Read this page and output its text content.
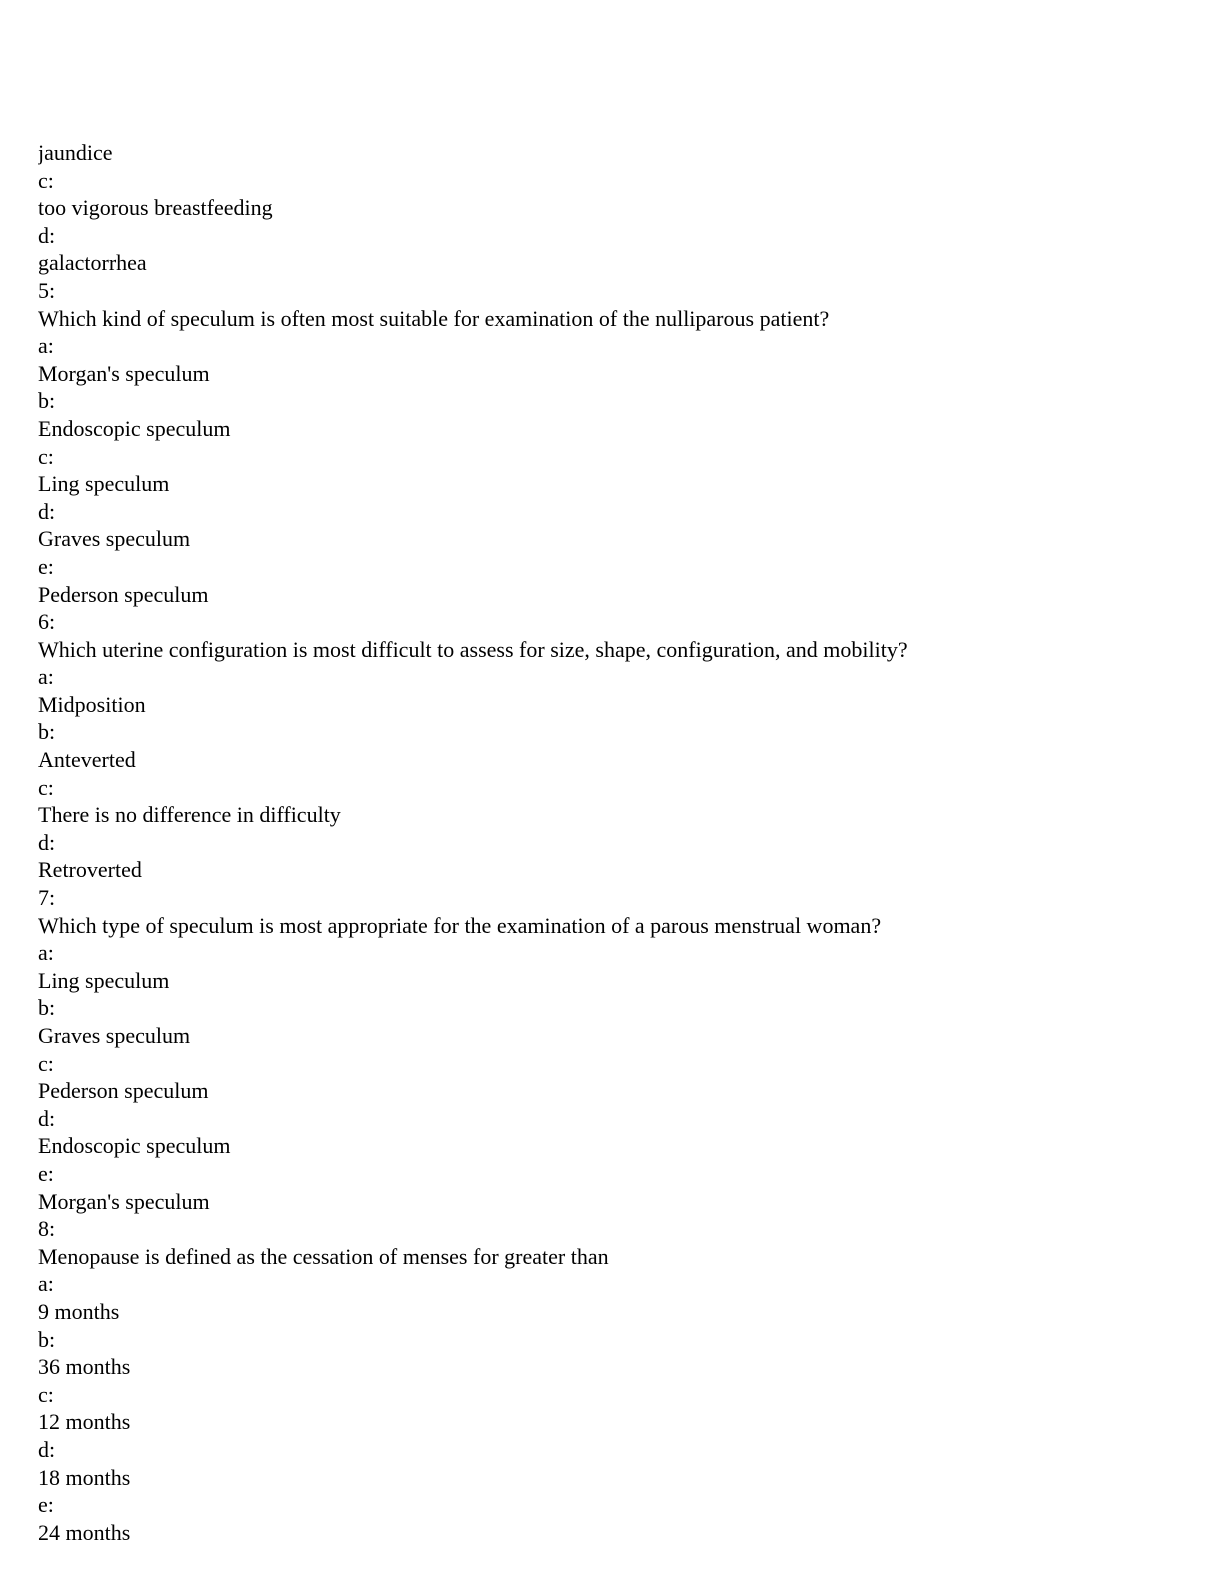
jaundice
c:
too vigorous breastfeeding
d:
galactorrhea
5:
Which kind of speculum is often most suitable for examination of the nulliparous patient?
a:
Morgan's speculum
b:
Endoscopic speculum
c:
Ling speculum
d:
Graves speculum
e:
Pederson speculum
6:
Which uterine configuration is most difficult to assess for size, shape, configuration, and mobility?
a:
Midposition
b:
Anteverted
c:
There is no difference in difficulty
d:
Retroverted
7:
Which type of speculum is most appropriate for the examination of a parous menstrual woman?
a:
Ling speculum
b:
Graves speculum
c:
Pederson speculum
d:
Endoscopic speculum
e:
Morgan's speculum
8:
Menopause is defined as the cessation of menses for greater than
a:
9 months
b:
36 months
c:
12 months
d:
18 months
e:
24 months
